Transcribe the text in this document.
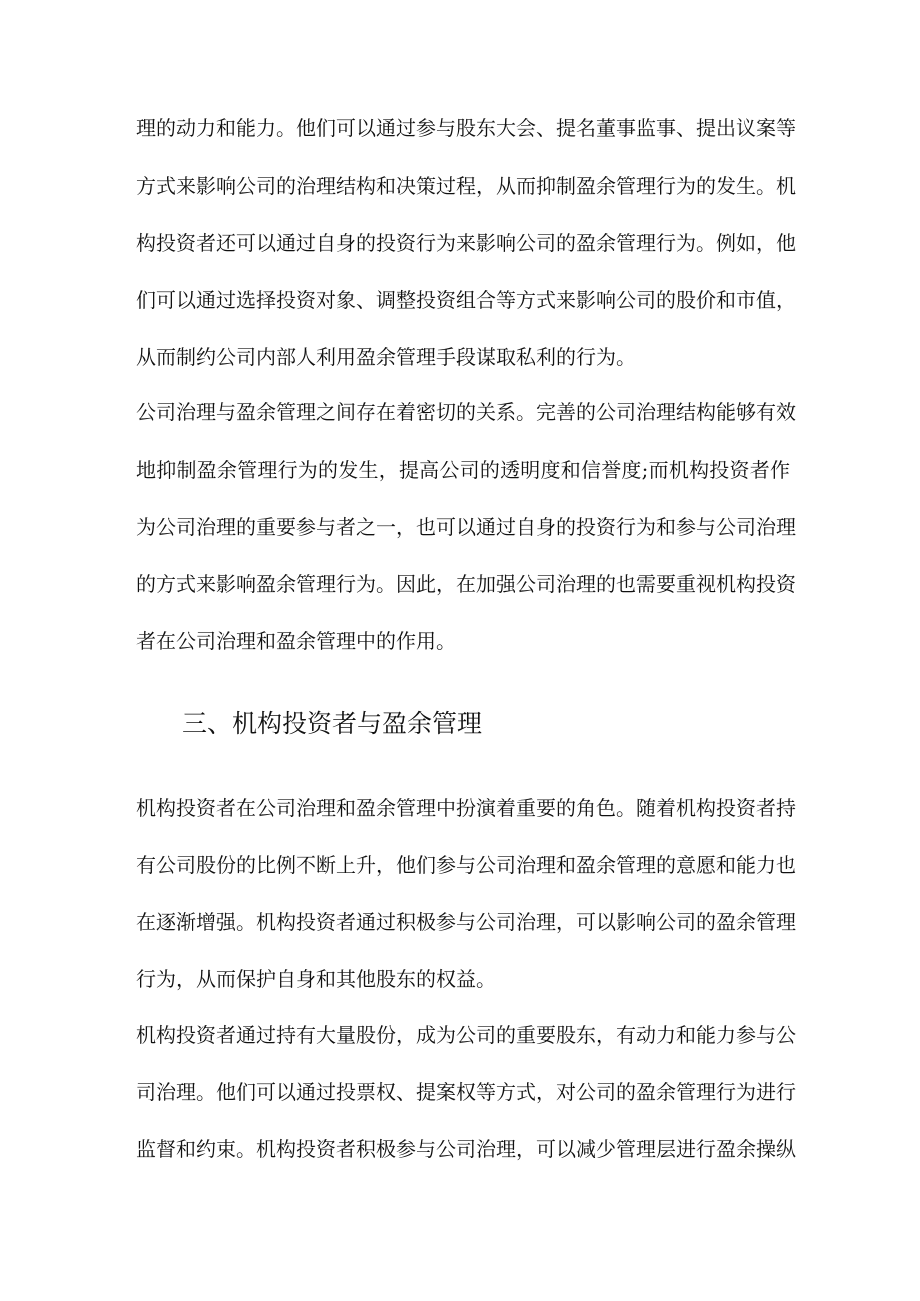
理的动力和能力。他们可以通过参与股东大会、提名董事监事、提出议案等
方式来影响公司的治理结构和决策过程，从而抑制盈余管理行为的发生。机
构投资者还可以通过自身的投资行为来影响公司的盈余管理行为。例如，他
们可以通过选择投资对象、调整投资组合等方式来影响公司的股价和市值，
从而制约公司内部人利用盈余管理手段谋取私利的行为。
公司治理与盈余管理之间存在着密切的关系。完善的公司治理结构能够有效
地抑制盈余管理行为的发生，提高公司的透明度和信誉度;而机构投资者作
为公司治理的重要参与者之一，也可以通过自身的投资行为和参与公司治理
的方式来影响盈余管理行为。因此，在加强公司治理的也需要重视机构投资
者在公司治理和盈余管理中的作用。
三、机构投资者与盈余管理
机构投资者在公司治理和盈余管理中扮演着重要的角色。随着机构投资者持
有公司股份的比例不断上升，他们参与公司治理和盈余管理的意愿和能力也
在逐渐增强。机构投资者通过积极参与公司治理，可以影响公司的盈余管理
行为，从而保护自身和其他股东的权益。
机构投资者通过持有大量股份，成为公司的重要股东，有动力和能力参与公
司治理。他们可以通过投票权、提案权等方式，对公司的盈余管理行为进行
监督和约束。机构投资者积极参与公司治理，可以减少管理层进行盈余操纵
